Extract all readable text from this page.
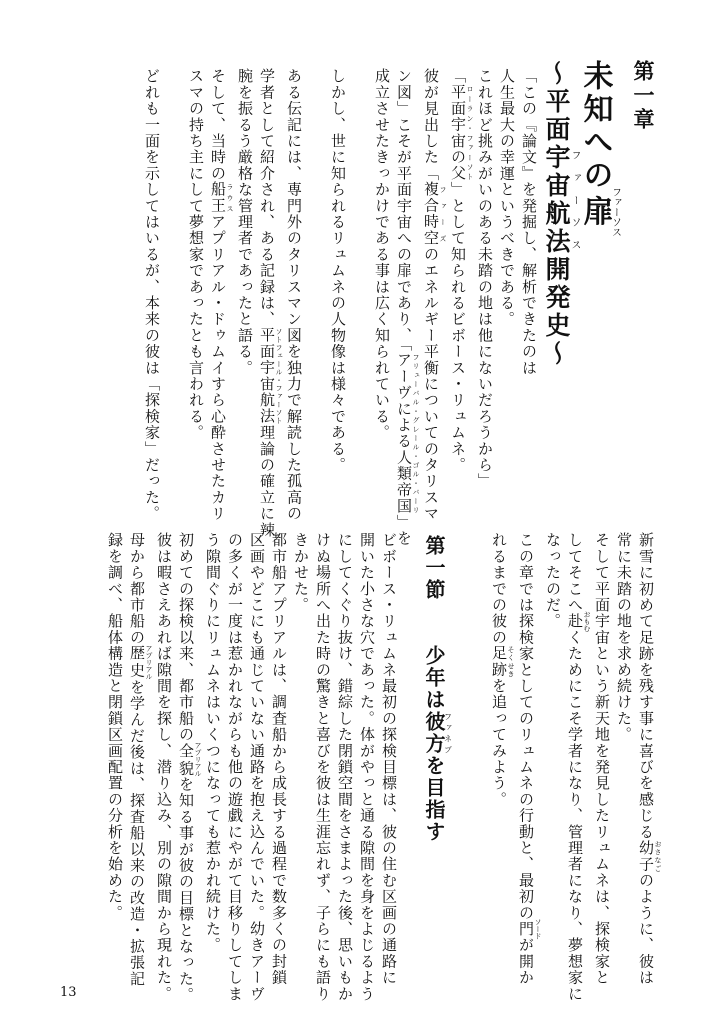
第一章
未知への扉ファーソス
〜平面宇宙航法ファーソス開発史〜

「この『論文』を発掘し、解析できたのは

人生最大の幸運というべきである。

これほど挑みがいのある未踏の地は他にないだろうから」

「平面宇宙の父 ローラン・ファーソト」として知られるビボース・リュムネ。

彼が見出した「複合時空 ファーズのエネルギー平衡についてのタリスマ

ン図」こそが平面宇宙への扉であり、「アーヴによる人類帝国 フリューバル・グレール・ゴル・バーリ」を

成立させたきっかけである事は広く知られている。

しかし、世に知られるリュムネの人物像は様々である。

ある伝記には、専門外のタリスマン図を独力で解読した孤高の

学者として紹介され、ある記録は、平面宇宙航法 ソトフェール・ファーソト理論の確立に辣

腕を振るう厳格な管理者であったと語る。

そして、当時の船王 ラウスアプリアル・ドゥムイすら心酔させたカリ

スマの持ち主にして夢想家であったとも言われる。

どれも一面を示してはいるが、本来の彼は「探検家」だった。

新雪に初めて足跡を残す事に喜びを感じる幼子 おさなごのように、彼は

常に未踏の地を求め続けた。

そして平面宇宙という新天地を発見したリュムネは、探検家と

してそこへ赴 おもむくためにこそ学者になり、管理者になり、夢想家に

なったのだ。

この章では探検家としてのリュムネの行動と、最初の門 ソードが開か

れるまでの彼の足跡 そくせきを追ってみよう。

第一節　　少年は彼方ファネブを目指す

ビボース・リュムネ最初の探検目標は、彼の住む区画の通路に

開いた小さな穴であった。体がやっと通る隙間を身をよじるよう

にしてくぐり抜け、錯綜した閉鎖空間をさまよった後、思いもか

けぬ場所へ出た時の驚きと喜びを彼は生涯忘れず、子らにも語り

きかせた。

都市船アプリアルは、調査船から成長する過程で数多くの封鎖

区画やどこにも通じていない通路を抱え込んでいた。幼きアーヴ

の多くが一度は惹かれながらも他の遊戯にやがて目移りしてしま

う隙間ぐりにリュムネはいくつになっても惹かれ続けた。

初めての探検以来、都市船の全貌 アプリアルを知る事が彼の目標となった。

彼は暇さえあれば隙間を探し、潜り込み、別の隙間から現れた。

母から都市船の歴史 アプリアルを学んだ後は、探査船以来の改造・拡張記

録を調べ、船体構造と閉鎖区画配置の分析を始めた。

13
